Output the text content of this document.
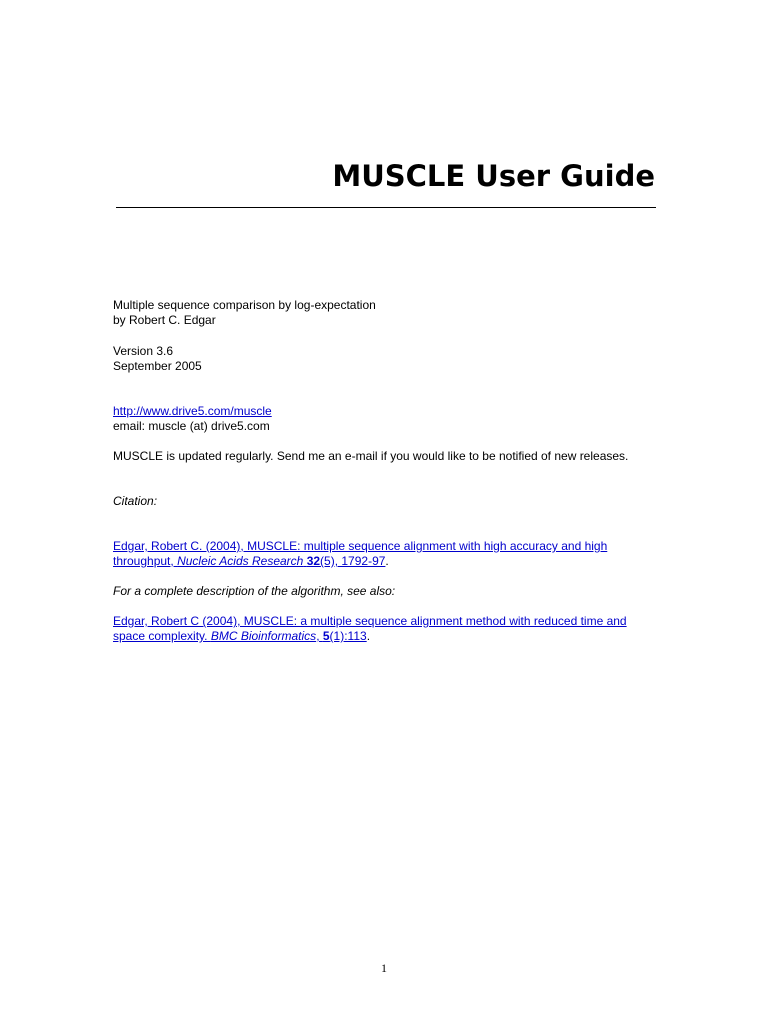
MUSCLE User Guide

Multiple sequence comparison by log-expectation
by Robert C. Edgar

Version 3.6
September 2005

http://www.drive5.com/muscle
email: muscle (at) drive5.com

MUSCLE is updated regularly. Send me an e-mail if you would like to be notified of new releases.

Citation:

Edgar, Robert C. (2004), MUSCLE: multiple sequence alignment with high accuracy and high
throughput, Nucleic Acids Research 32(5), 1792-97.

For a complete description of the algorithm, see also:

Edgar, Robert C (2004), MUSCLE: a multiple sequence alignment method with reduced time and
space complexity. BMC Bioinformatics, 5(1):113.

1
